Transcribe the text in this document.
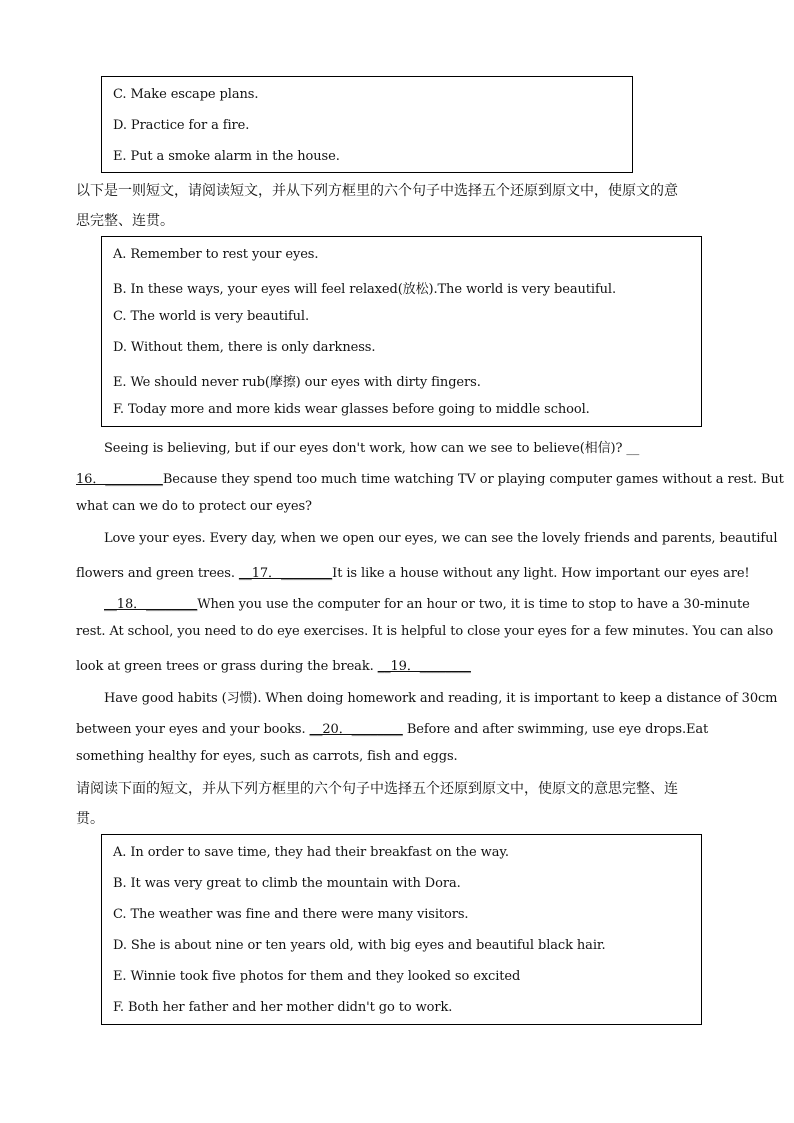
C. Make escape plans.
D. Practice for a fire.
E. Put a smoke alarm in the house.
以下是一则短文，请阅读短文，并从下列方框里的六个句子中选择五个还原到原文中，使原文的意
思完整、连贯。
A. Remember to rest your eyes.
B. In these ways, your eyes will feel relaxed(放松).The world is very beautiful.
C. The world is very beautiful.
D. Without them, there is only darkness.
E. We should never rub(摩擦) our eyes with dirty fingers.
F. Today more and more kids wear glasses before going to middle school.
Seeing is believing, but if our eyes don't work, how can we see to believe(相信)? __
16．_________Because they spend too much time watching TV or playing computer games without a rest. But
what can we do to protect our eyes?
Love your eyes. Every day, when we open our eyes, we can see the lovely friends and parents, beautiful
flowers and green trees. __17．________It is like a house without any light. How important our eyes are!
__18．________When you use the computer for an hour or two, it is time to stop to have a 30-minute
rest. At school, you need to do eye exercises. It is helpful to close your eyes for a few minutes. You can also
look at green trees or grass during the break. __19．________
Have good habits (习惯). When doing homework and reading, it is important to keep a distance of 30cm
between your eyes and your books. __20．________ Before and after swimming, use eye drops.Eat
something healthy for eyes, such as carrots, fish and eggs.
请阅读下面的短文，并从下列方框里的六个句子中选择五个还原到原文中，使原文的意思完整、连
贯。
A. In order to save time, they had their breakfast on the way.
B. It was very great to climb the mountain with Dora.
C. The weather was fine and there were many visitors.
D. She is about nine or ten years old, with big eyes and beautiful black hair.
E. Winnie took five photos for them and they looked so excited
F. Both her father and her mother didn't go to work.
